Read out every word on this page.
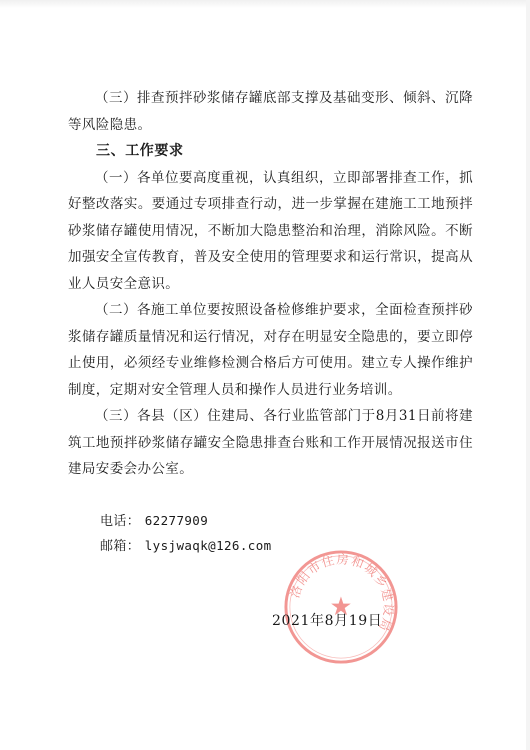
（三）排查预拌砂浆储存罐底部支撑及基础变形、倾斜、沉降等风险隐患。

三、工作要求

（一）各单位要高度重视，认真组织，立即部署排查工作，抓好整改落实。要通过专项排查行动，进一步掌握在建施工工地预拌砂浆储存罐使用情况，不断加大隐患整治和治理，消除风险。不断加强安全宣传教育，普及安全使用的管理要求和运行常识，提高从业人员安全意识。

（二）各施工单位要按照设备检修维护要求，全面检查预拌砂浆储存罐质量情况和运行情况，对存在明显安全隐患的，要立即停止使用，必须经专业维修检测合格后方可使用。建立专人操作维护制度，定期对安全管理人员和操作人员进行业务培训。

（三）各县（区）住建局、各行业监管部门于8月31日前将建筑工地预拌砂浆储存罐安全隐患排查台账和工作开展情况报送市住建局安委会办公室。

电话： 62277909

邮箱： lysjwaqk@126.com

洛阳市住房和城乡建设局
★
2021年8月19日
